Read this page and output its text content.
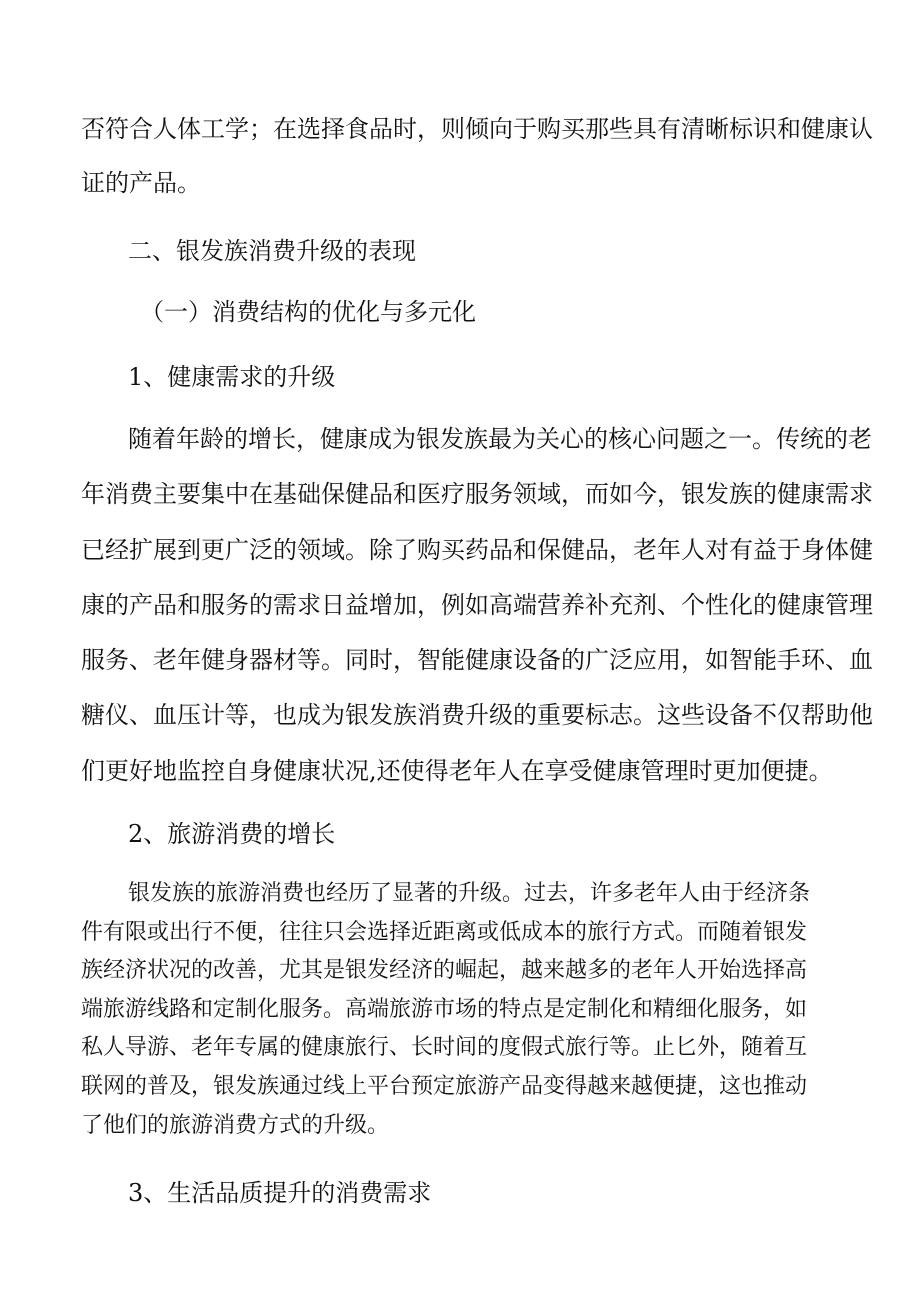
否符合人体工学；在选择食品时，则倾向于购买那些具有清晰标识和健康认
证的产品。
二、银发族消费升级的表现
（一）消费结构的优化与多元化
1、健康需求的升级
随着年龄的增长，健康成为银发族最为关心的核心问题之一。传统的老
年消费主要集中在基础保健品和医疗服务领域，而如今，银发族的健康需求
已经扩展到更广泛的领域。除了购买药品和保健品，老年人对有益于身体健
康的产品和服务的需求日益增加，例如高端营养补充剂、个性化的健康管理
服务、老年健身器材等。同时，智能健康设备的广泛应用，如智能手环、血
糖仪、血压计等，也成为银发族消费升级的重要标志。这些设备不仅帮助他
们更好地监控自身健康状况,还使得老年人在享受健康管理时更加便捷。
2、旅游消费的增长
银发族的旅游消费也经历了显著的升级。过去，许多老年人由于经济条
件有限或出行不便，往往只会选择近距离或低成本的旅行方式。而随着银发
族经济状况的改善，尤其是银发经济的崛起，越来越多的老年人开始选择高
端旅游线路和定制化服务。高端旅游市场的特点是定制化和精细化服务，如
私人导游、老年专属的健康旅行、长时间的度假式旅行等。止匕外，随着互
联网的普及，银发族通过线上平台预定旅游产品变得越来越便捷，这也推动
了他们的旅游消费方式的升级。
3、生活品质提升的消费需求
